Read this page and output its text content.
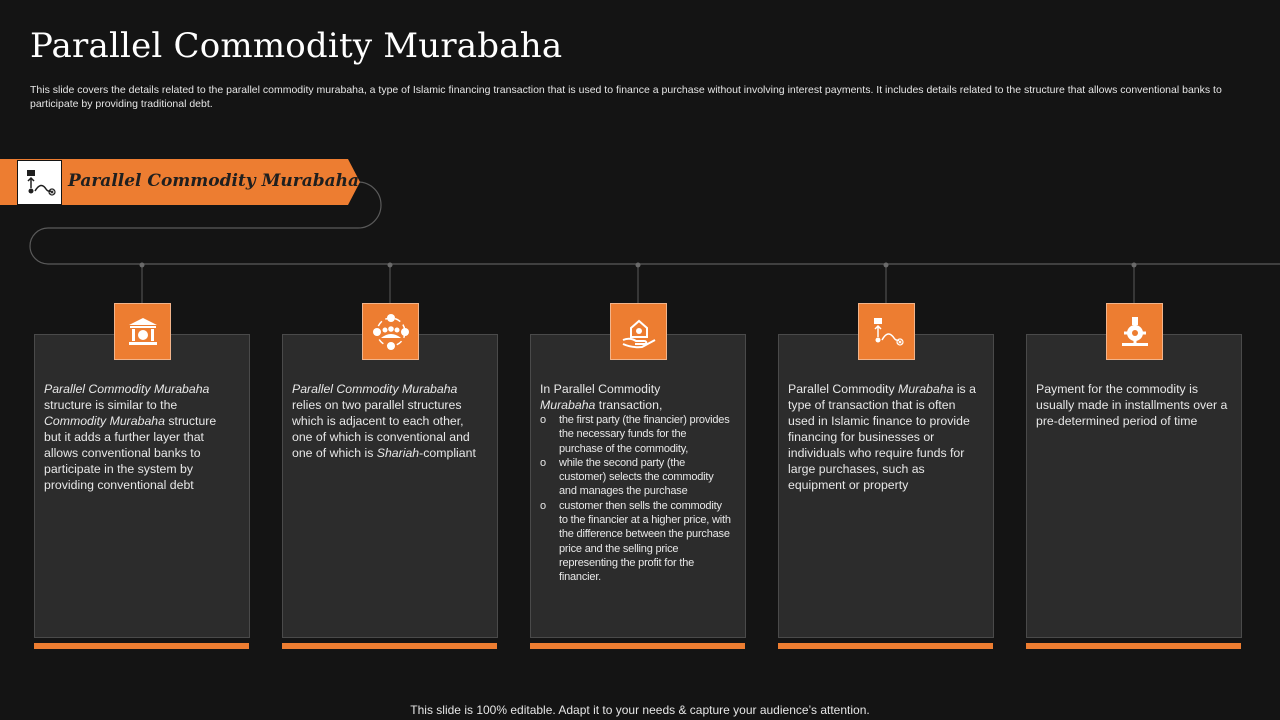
Parallel Commodity Murabaha

This slide covers the details related to the parallel commodity murabaha, a type of Islamic financing transaction that is used to finance a purchase without involving interest payments. It includes details related to the structure that allows conventional banks to participate by providing traditional debt.

Parallel Commodity Murabaha

Parallel Commodity Murabaha structure is similar to the Commodity Murabaha structure but it adds a further layer that allows conventional banks to participate in the system by providing conventional debt

Parallel Commodity Murabaha relies on two parallel structures which is adjacent to each other, one of which is conventional and one of which is Shariah-compliant

In Parallel Commodity
Murabaha transaction,

o the first party (the financier) provides the necessary funds for the purchase of the commodity,
o while the second party (the customer) selects the commodity and manages the purchase
o customer then sells the commodity to the financier at a higher price, with the difference between the purchase price and the selling price representing the profit for the financier.

Parallel Commodity Murabaha is a type of transaction that is often used in Islamic finance to provide financing for businesses or individuals who require funds for large purchases, such as equipment or property

Payment for the commodity is usually made in installments over a pre-determined period of time

This slide is 100% editable. Adapt it to your needs & capture your audience’s attention.
